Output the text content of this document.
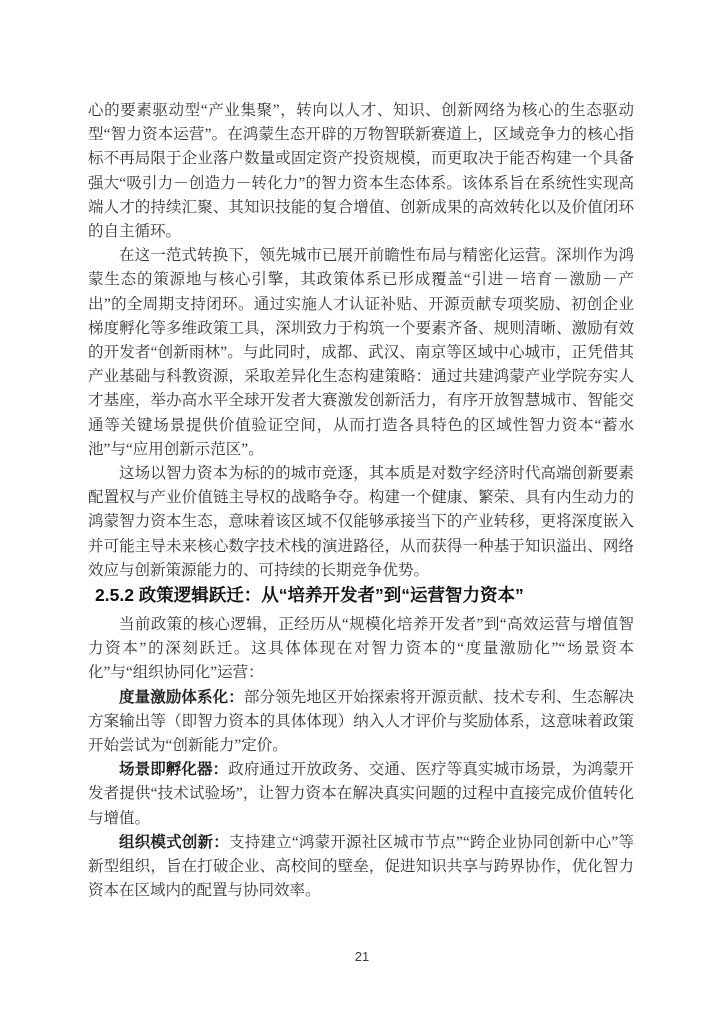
心的要素驱动型“产业集聚”，转向以人才、知识、创新网络为核心的生态驱动型“智力资本运营”。在鸿蒙生态开辟的万物智联新赛道上，区域竞争力的核心指标不再局限于企业落户数量或固定资产投资规模，而更取决于能否构建一个具备强大“吸引力－创造力－转化力”的智力资本生态体系。该体系旨在系统性实现高端人才的持续汇聚、其知识技能的复合增值、创新成果的高效转化以及价值闭环的自主循环。

在这一范式转换下，领先城市已展开前瞻性布局与精密化运营。深圳作为鸿蒙生态的策源地与核心引擎，其政策体系已形成覆盖“引进－培育－激励－产出”的全周期支持闭环。通过实施人才认证补贴、开源贡献专项奖励、初创企业梯度孵化等多维政策工具，深圳致力于构筑一个要素齐备、规则清晰、激励有效的开发者“创新雨林”。与此同时，成都、武汉、南京等区域中心城市，正凭借其产业基础与科教资源，采取差异化生态构建策略：通过共建鸿蒙产业学院夯实人才基座，举办高水平全球开发者大赛激发创新活力，有序开放智慧城市、智能交通等关键场景提供价值验证空间，从而打造各具特色的区域性智力资本“蓄水池”与“应用创新示范区”。

这场以智力资本为标的的城市竞逐，其本质是对数字经济时代高端创新要素配置权与产业价值链主导权的战略争夺。构建一个健康、繁荣、具有内生动力的鸿蒙智力资本生态，意味着该区域不仅能够承接当下的产业转移，更将深度嵌入并可能主导未来核心数字技术栈的演进路径，从而获得一种基于知识溢出、网络效应与创新策源能力的、可持续的长期竞争优势。

2.5.2 政策逻辑跃迁：从“培养开发者”到“运营智力资本”

当前政策的核心逻辑，正经历从“规模化培养开发者”到“高效运营与增值智力资本”的深刻跃迁。这具体体现在对智力资本的“度量激励化”“场景资本化”与“组织协同化”运营：

度量激励体系化：部分领先地区开始探索将开源贡献、技术专利、生态解决方案输出等（即智力资本的具体体现）纳入人才评价与奖励体系，这意味着政策开始尝试为“创新能力”定价。

场景即孵化器：政府通过开放政务、交通、医疗等真实城市场景，为鸿蒙开发者提供“技术试验场”，让智力资本在解决真实问题的过程中直接完成价值转化与增值。

组织模式创新：支持建立“鸿蒙开源社区城市节点”“跨企业协同创新中心”等新型组织，旨在打破企业、高校间的壁垒，促进知识共享与跨界协作，优化智力资本在区域内的配置与协同效率。

21
